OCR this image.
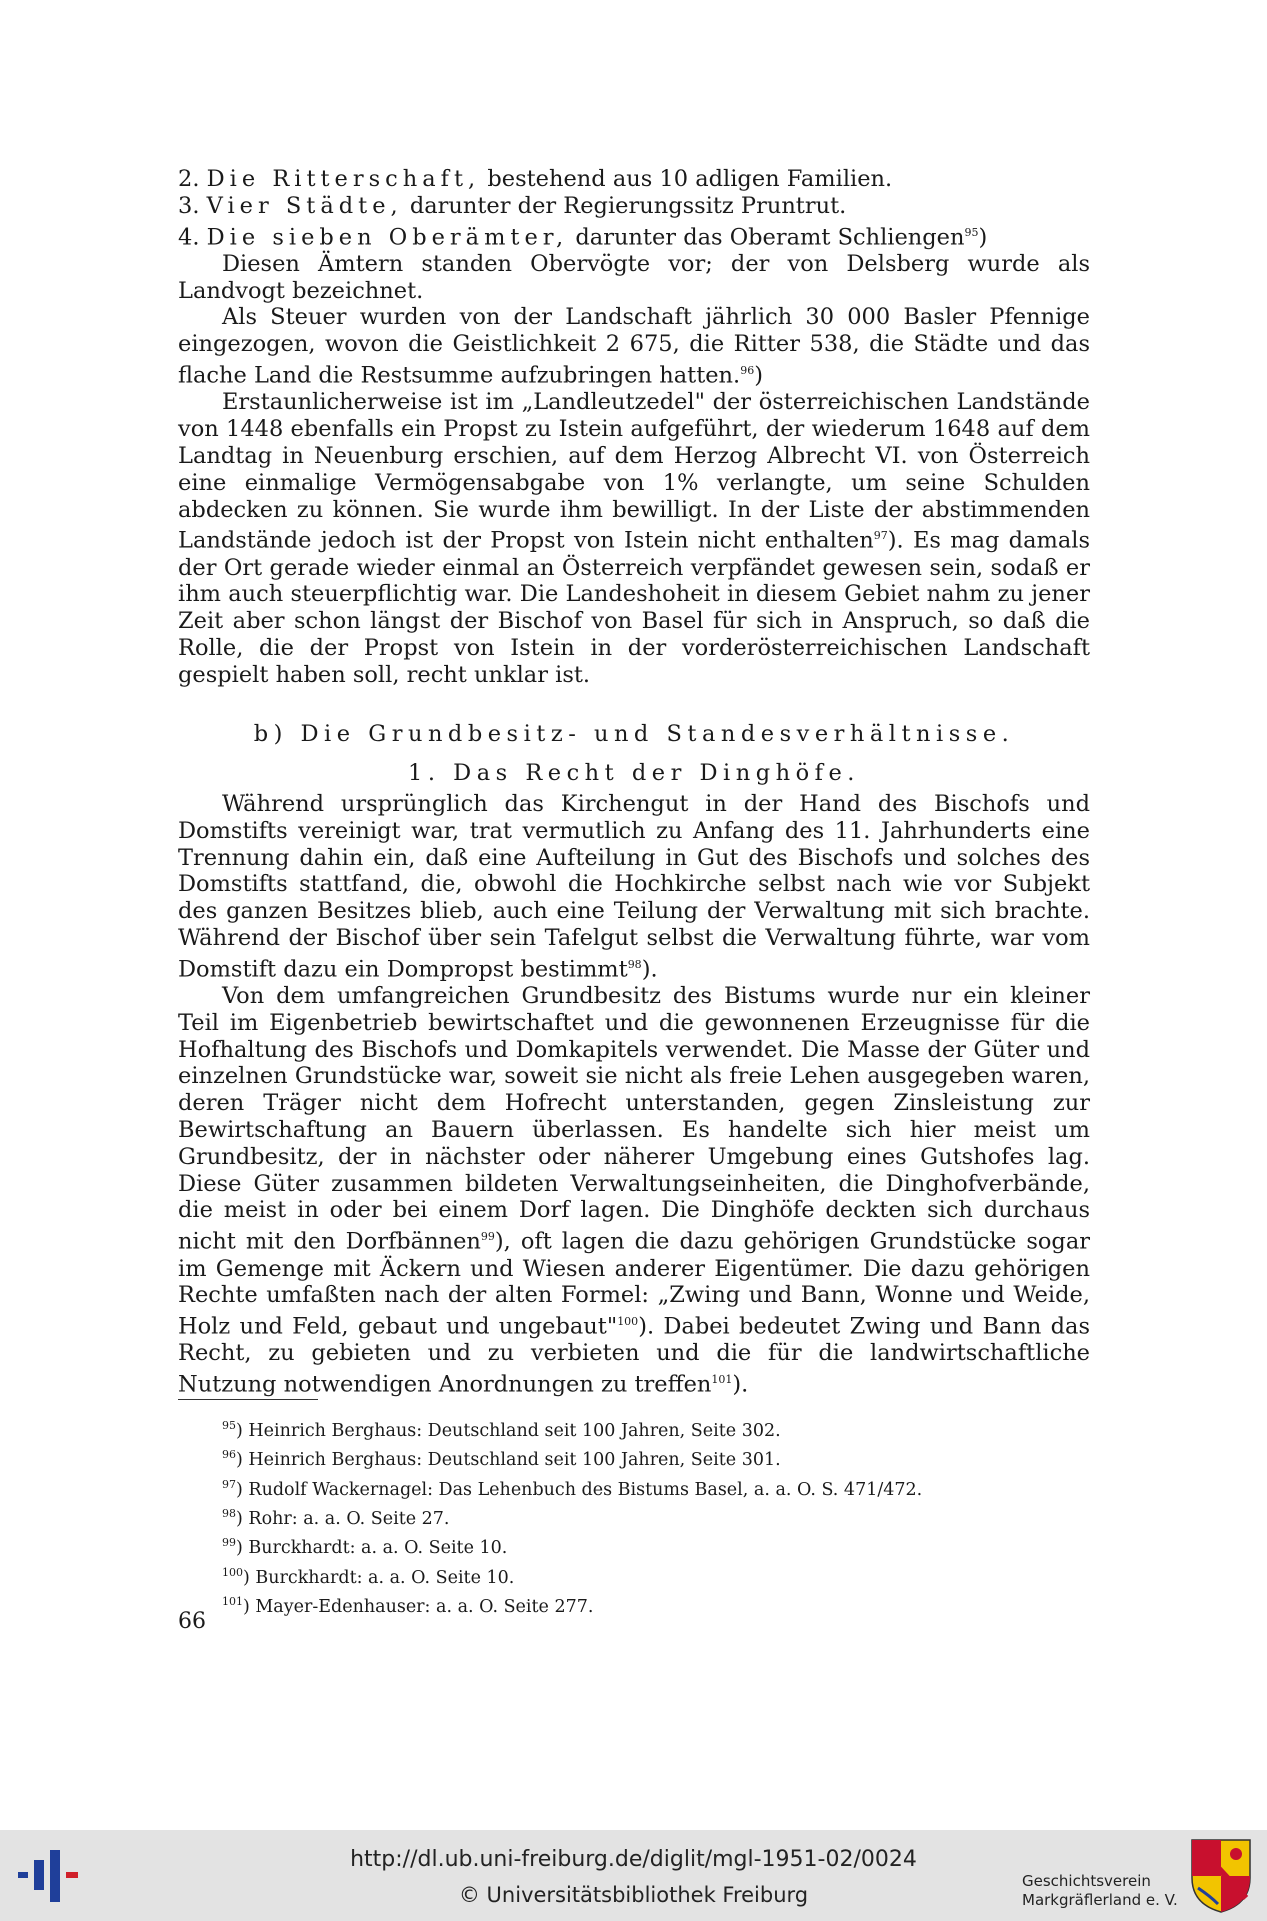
2. Die Ritterschaft, bestehend aus 10 adligen Familien.
3. Vier Städte, darunter der Regierungssitz Pruntrut.
4. Die sieben Oberämter, darunter das Oberamt Schliengen$^{95}$)

Diesen Ämtern standen Obervögte vor; der von Delsberg wurde als Landvogt bezeichnet.

Als Steuer wurden von der Landschaft jährlich 30 000 Basler Pfennige eingezogen, wovon die Geistlichkeit 2 675, die Ritter 538, die Städte und das flache Land die Restsumme aufzubringen hatten.$^{96}$)

Erstaunlicherweise ist im „Landleutzedel" der österreichischen Landstände von 1448 ebenfalls ein Propst zu Istein aufgeführt, der wiederum 1648 auf dem Landtag in Neuenburg erschien, auf dem Herzog Albrecht VI. von Österreich eine einmalige Vermögensabgabe von 1% verlangte, um seine Schulden abdecken zu können. Sie wurde ihm bewilligt. In der Liste der abstimmenden Landstände jedoch ist der Propst von Istein nicht enthalten$^{97}$). Es mag damals der Ort gerade wieder einmal an Österreich verpfändet gewesen sein, sodaß er ihm auch steuerpflichtig war. Die Landeshoheit in diesem Gebiet nahm zu jener Zeit aber schon längst der Bischof von Basel für sich in Anspruch, so daß die Rolle, die der Propst von Istein in der vorderösterreichischen Landschaft gespielt haben soll, recht unklar ist.

b) Die Grundbesitz- und Standesverhältnisse.
1. Das Recht der Dinghöfe.

Während ursprünglich das Kirchengut in der Hand des Bischofs und Domstifts vereinigt war, trat vermutlich zu Anfang des 11. Jahrhunderts eine Trennung dahin ein, daß eine Aufteilung in Gut des Bischofs und solches des Domstifts stattfand, die, obwohl die Hochkirche selbst nach wie vor Subjekt des ganzen Besitzes blieb, auch eine Teilung der Verwaltung mit sich brachte. Während der Bischof über sein Tafelgut selbst die Verwaltung führte, war vom Domstift dazu ein Dompropst bestimmt$^{98}$).

Von dem umfangreichen Grundbesitz des Bistums wurde nur ein kleiner Teil im Eigenbetrieb bewirtschaftet und die gewonnenen Erzeugnisse für die Hofhaltung des Bischofs und Domkapitels verwendet. Die Masse der Güter und einzelnen Grundstücke war, soweit sie nicht als freie Lehen ausgegeben waren, deren Träger nicht dem Hofrecht unterstanden, gegen Zinsleistung zur Bewirtschaftung an Bauern überlassen. Es handelte sich hier meist um Grundbesitz, der in nächster oder näherer Umgebung eines Gutshofes lag. Diese Güter zusammen bildeten Verwaltungseinheiten, die Dinghofverbände, die meist in oder bei einem Dorf lagen. Die Dinghöfe deckten sich durchaus nicht mit den Dorfbännen$^{99}$), oft lagen die dazu gehörigen Grundstücke sogar im Gemenge mit Äckern und Wiesen anderer Eigentümer. Die dazu gehörigen Rechte umfaßten nach der alten Formel: „Zwing und Bann, Wonne und Weide, Holz und Feld, gebaut und ungebaut"$^{100}$). Dabei bedeutet Zwing und Bann das Recht, zu gebieten und zu verbieten und die für die landwirtschaftliche Nutzung notwendigen Anordnungen zu treffen$^{101}$).

$^{95}$) Heinrich Berghaus: Deutschland seit 100 Jahren, Seite 302.
$^{96}$) Heinrich Berghaus: Deutschland seit 100 Jahren, Seite 301.
$^{97}$) Rudolf Wackernagel: Das Lehenbuch des Bistums Basel, a. a. O. S. 471/472.
$^{98}$) Rohr: a. a. O. Seite 27.
$^{99}$) Burckhardt: a. a. O. Seite 10.
$^{100}$) Burckhardt: a. a. O. Seite 10.
$^{101}$) Mayer-Edenhauser: a. a. O. Seite 277.
66
http://dl.ub.uni-freiburg.de/diglit/mgl-1951-02/0024
© Universitätsbibliothek Freiburg
Geschichtsverein
Markgräflerland e. V.
